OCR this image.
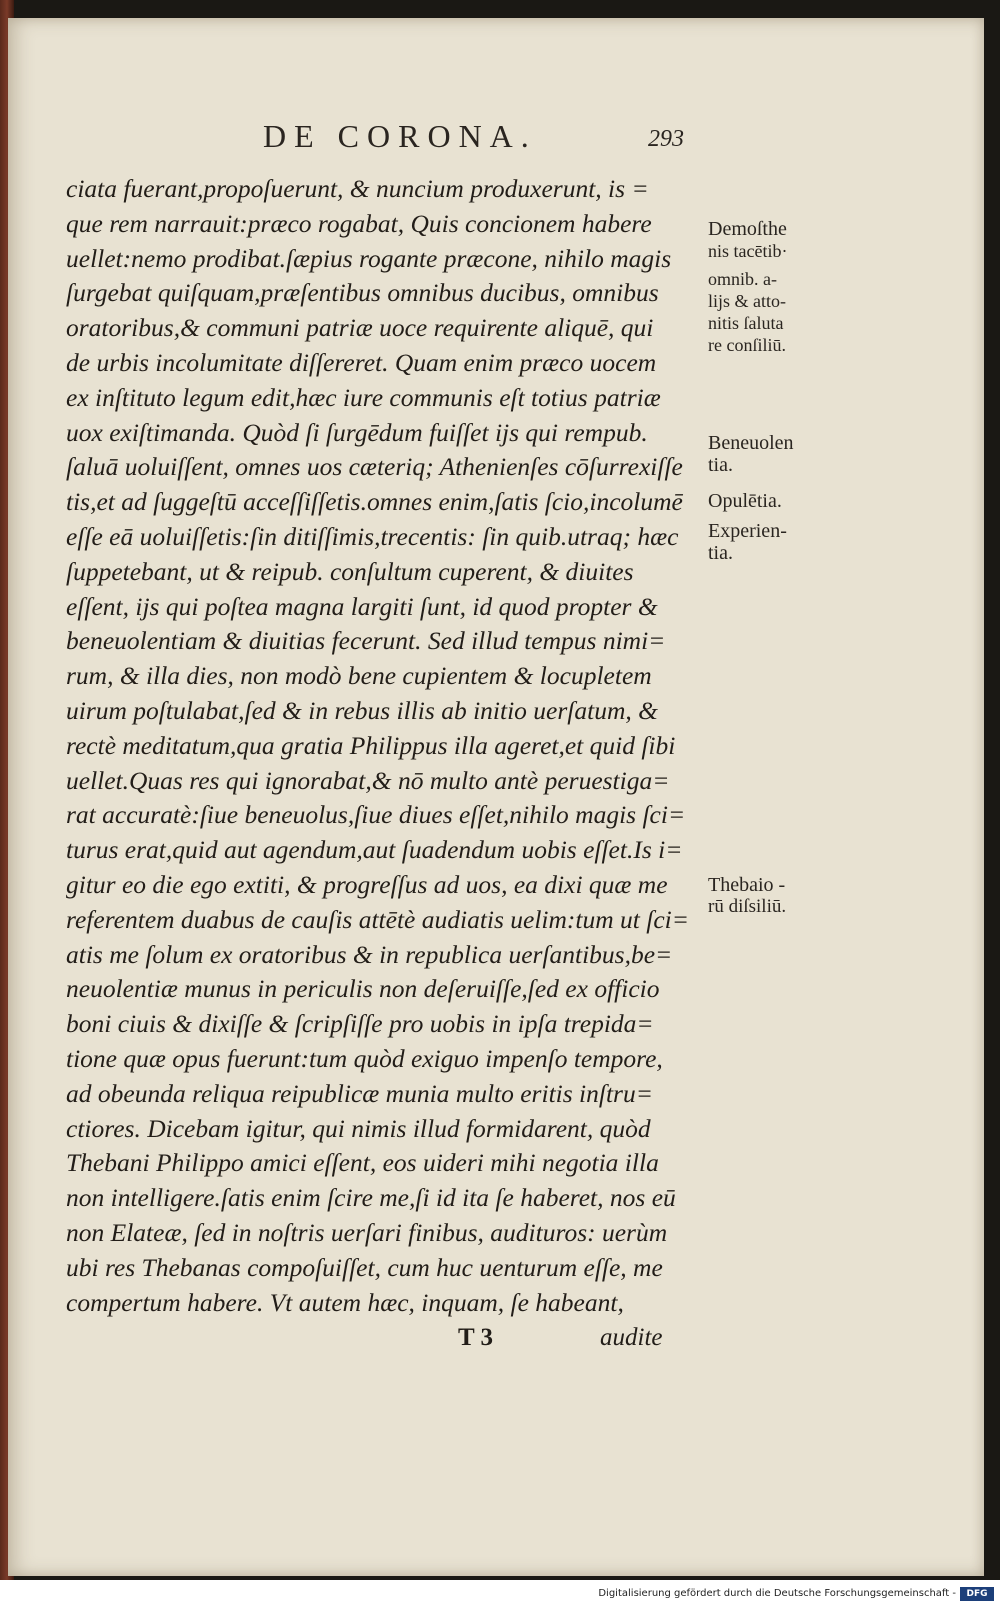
DE CORONA.	293
ciata fuerant,propoſuerunt, & nuncium produxerunt, is =
que rem narrauit:præco rogabat, Quis concionem habere
uellet:nemo prodibat.ſæpius rogante præcone, nihilo magis
ſurgebat quiſquam,præſentibus omnibus ducibus, omnibus
oratoribus,& communi patriæ uoce requirente aliquē, qui
de urbis incolumitate diſſereret. Quam enim præco uocem
ex inſtituto legum edit,hæc iure communis eſt totius patriæ
uox exiſtimanda. Quòd ſi ſurgēdum fuiſſet ijs qui rempub.
ſaluā uoluiſſent, omnes uos cæteriq; Athenienſes cōſurrexiſſe
tis,et ad ſuggeſtū acceſſiſſetis.omnes enim,ſatis ſcio,incolumē
eſſe eā uoluiſſetis:ſin ditiſſimis,trecentis: ſin quib.utraq; hæc
ſuppetebant, ut & reipub. conſultum cuperent, & diuites
eſſent, ijs qui poſtea magna largiti ſunt, id quod propter &
beneuolentiam & diuitias fecerunt. Sed illud tempus nimi=
rum, & illa dies, non modò bene cupientem & locupletem
uirum poſtulabat,ſed & in rebus illis ab initio uerſatum, &
rectè meditatum,qua gratia Philippus illa ageret,et quid ſibi
uellet.Quas res qui ignorabat,& nō multo antè peruestiga=
rat accuratè:ſiue beneuolus,ſiue diues eſſet,nihilo magis ſci=
turus erat,quid aut agendum,aut ſuadendum uobis eſſet.Is i=
gitur eo die ego extiti, & progreſſus ad uos, ea dixi quæ me
referentem duabus de cauſis attētè audiatis uelim:tum ut ſci=
atis me ſolum ex oratoribus & in republica uerſantibus,be=
neuolentiæ munus in periculis non deſeruiſſe,ſed ex officio
boni ciuis & dixiſſe & ſcripſiſſe pro uobis in ipſa trepida=
tione quæ opus fuerunt:tum quòd exiguo impenſo tempore,
ad obeunda reliqua reipublicæ munia multo eritis inſtru=
ctiores. Dicebam igitur, qui nimis illud formidarent, quòd
Thebani Philippo amici eſſent, eos uideri mihi negotia illa
non intelligere.ſatis enim ſcire me,ſi id ita ſe haberet, nos eū
non Elateæ, ſed in noſtris uerſari finibus, audituros: uerùm
ubi res Thebanas compoſuiſſet, cum huc uenturum eſſe, me
compertum habere. Vt autem hæc, inquam, ſe habeant,
Demoſthe
nis tacētib·
omnib. a-
lijs & atto-
nitis ſaluta
re conſiliū.
Beneuolen
tia.
Opulētia.
Experien-
tia.
Thebaio -
rū diſsiliū.
T 3	audite
Digitalisierung gefördert durch die Deutsche Forschungsgemeinschaft -	DFG
